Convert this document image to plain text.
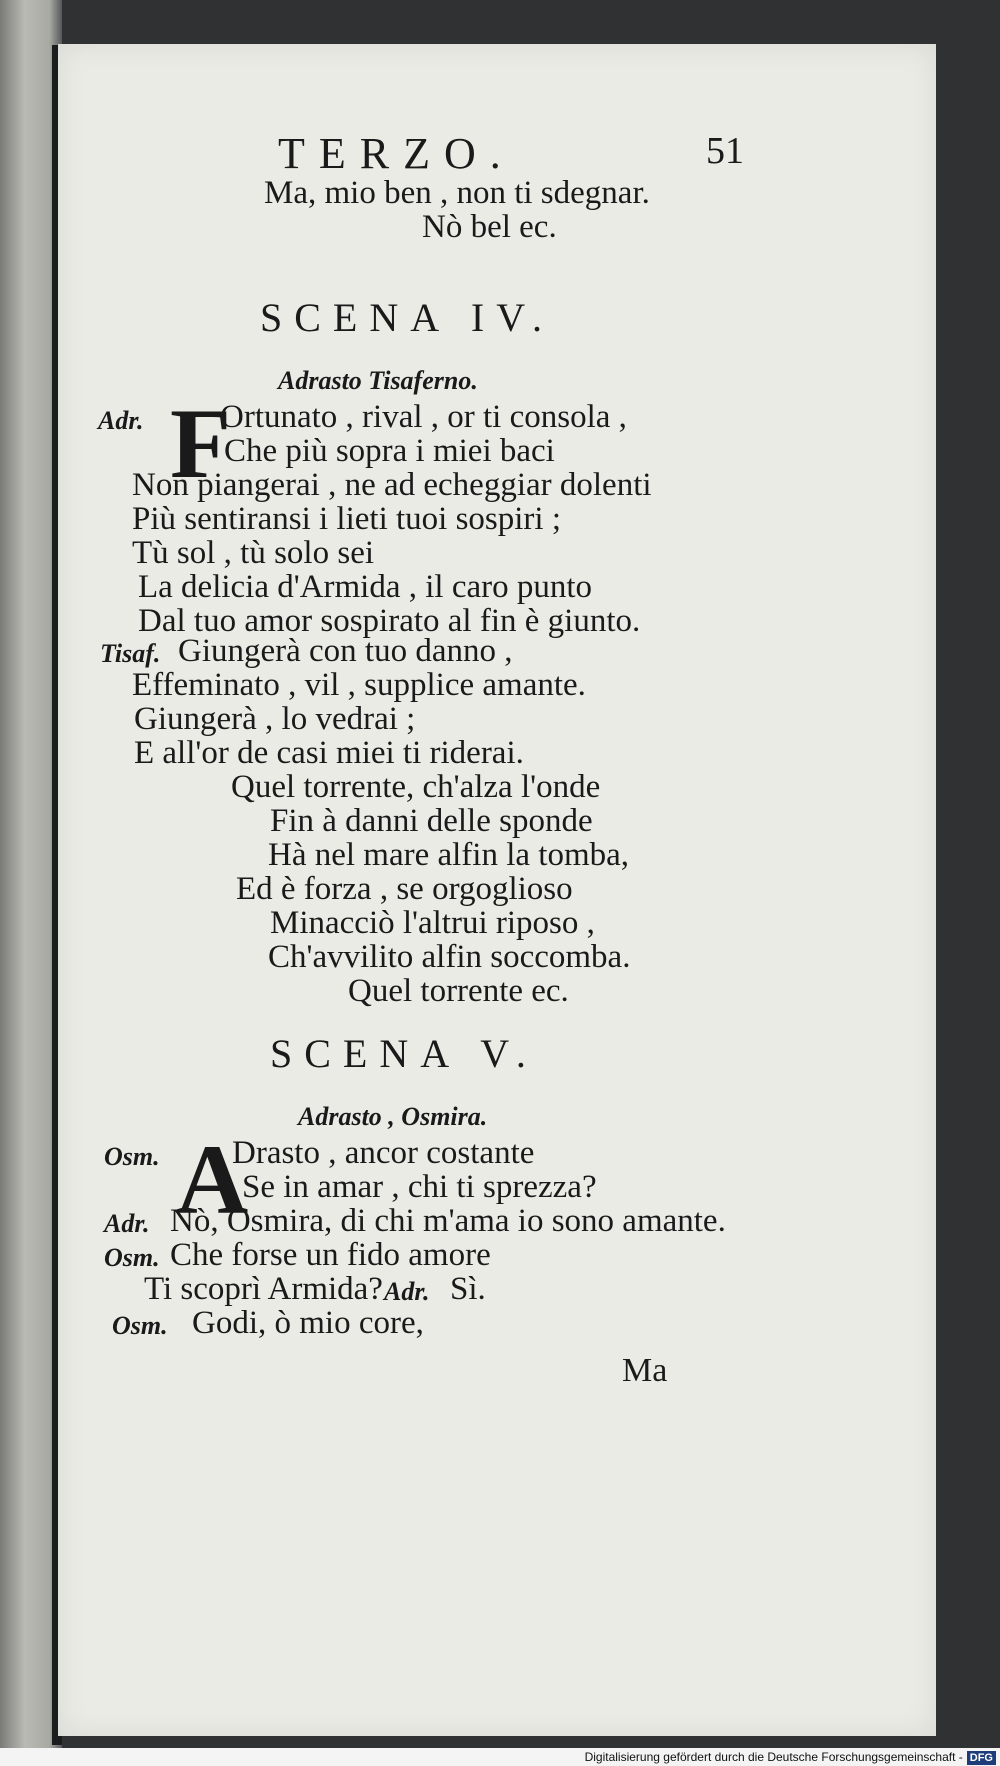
TERZO.	51
Ma, mio ben , non ti sdegnar.
Nò bel ec.
SCENA IV.
Adrasto Tisaferno.
Adr. F
Ortunato , rival , or ti consola ,
Che più sopra i miei baci
Non piangerai , ne ad echeggiar dolenti
Più sentiransi i lieti tuoi sospiri ;
Tù sol , tù solo sei
La delicia d'Armida , il caro punto
Dal tuo amor sospirato al fin è giunto.
Tisaf. Giungerà con tuo danno ,
Effeminato , vil , supplice amante.
Giungerà , lo vedrai ;
E all'or de casi miei ti riderai.
Quel torrente, ch'alza l'onde
Fin à danni delle sponde
Hà nel mare alfin la tomba,
Ed è forza , se orgoglioso
Minacciò l'altrui riposo ,
Ch'avvilito alfin soccomba.
Quel torrente ec.
SCENA V.
Adrasto , Osmira.
Osm. A
Drasto , ancor costante
Se in amar , chi ti sprezza?
Adr. Nò, Osmira, di chi m'ama io sono amante.
Osm. Che forse un fido amore
Ti scoprì Armida? Adr. Sì.
Osm. Godi, ò mio core,
Ma
Digitalisierung gefördert durch die Deutsche Forschungsgemeinschaft - DFG
